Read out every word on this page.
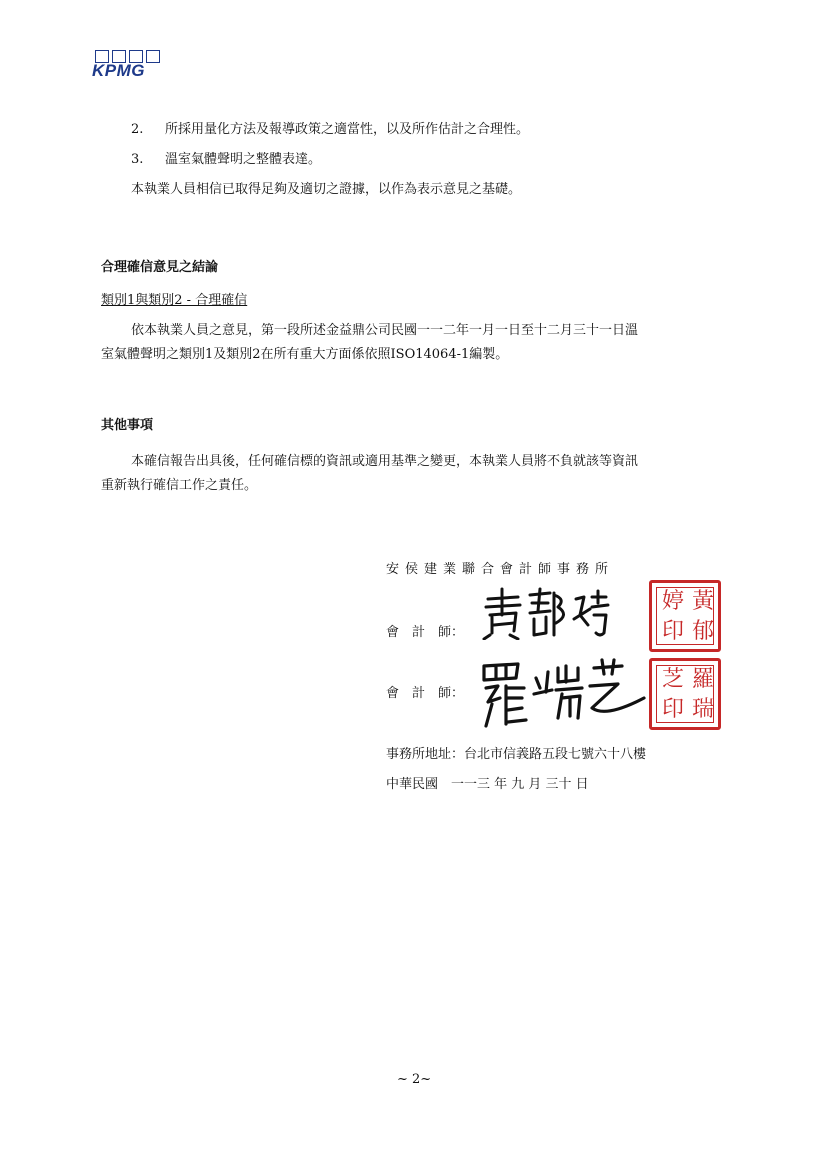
KPMG
2. 所採用量化方法及報導政策之適當性，以及所作估計之合理性。
3. 溫室氣體聲明之整體表達。
本執業人員相信已取得足夠及適切之證據，以作為表示意見之基礎。
合理確信意見之結論
類別1與類別2 - 合理確信
依本執業人員之意見，第一段所述金益鼎公司民國一一二年一月一日至十二月三十一日溫
室氣體聲明之類別1及類別2在所有重大方面係依照ISO14064-1編製。
其他事項
本確信報告出具後，任何確信標的資訊或適用基準之變更，本執業人員將不負就該等資訊
重新執行確信工作之責任。
安侯建業聯合會計師事務所
會　計　師：
黃
郁
婷
印
會　計　師：
羅
瑞
芝
印
事務所地址：台北市信義路五段七號六十八樓
中華民國　一一三 年 九 月 三十 日
~ 2~
